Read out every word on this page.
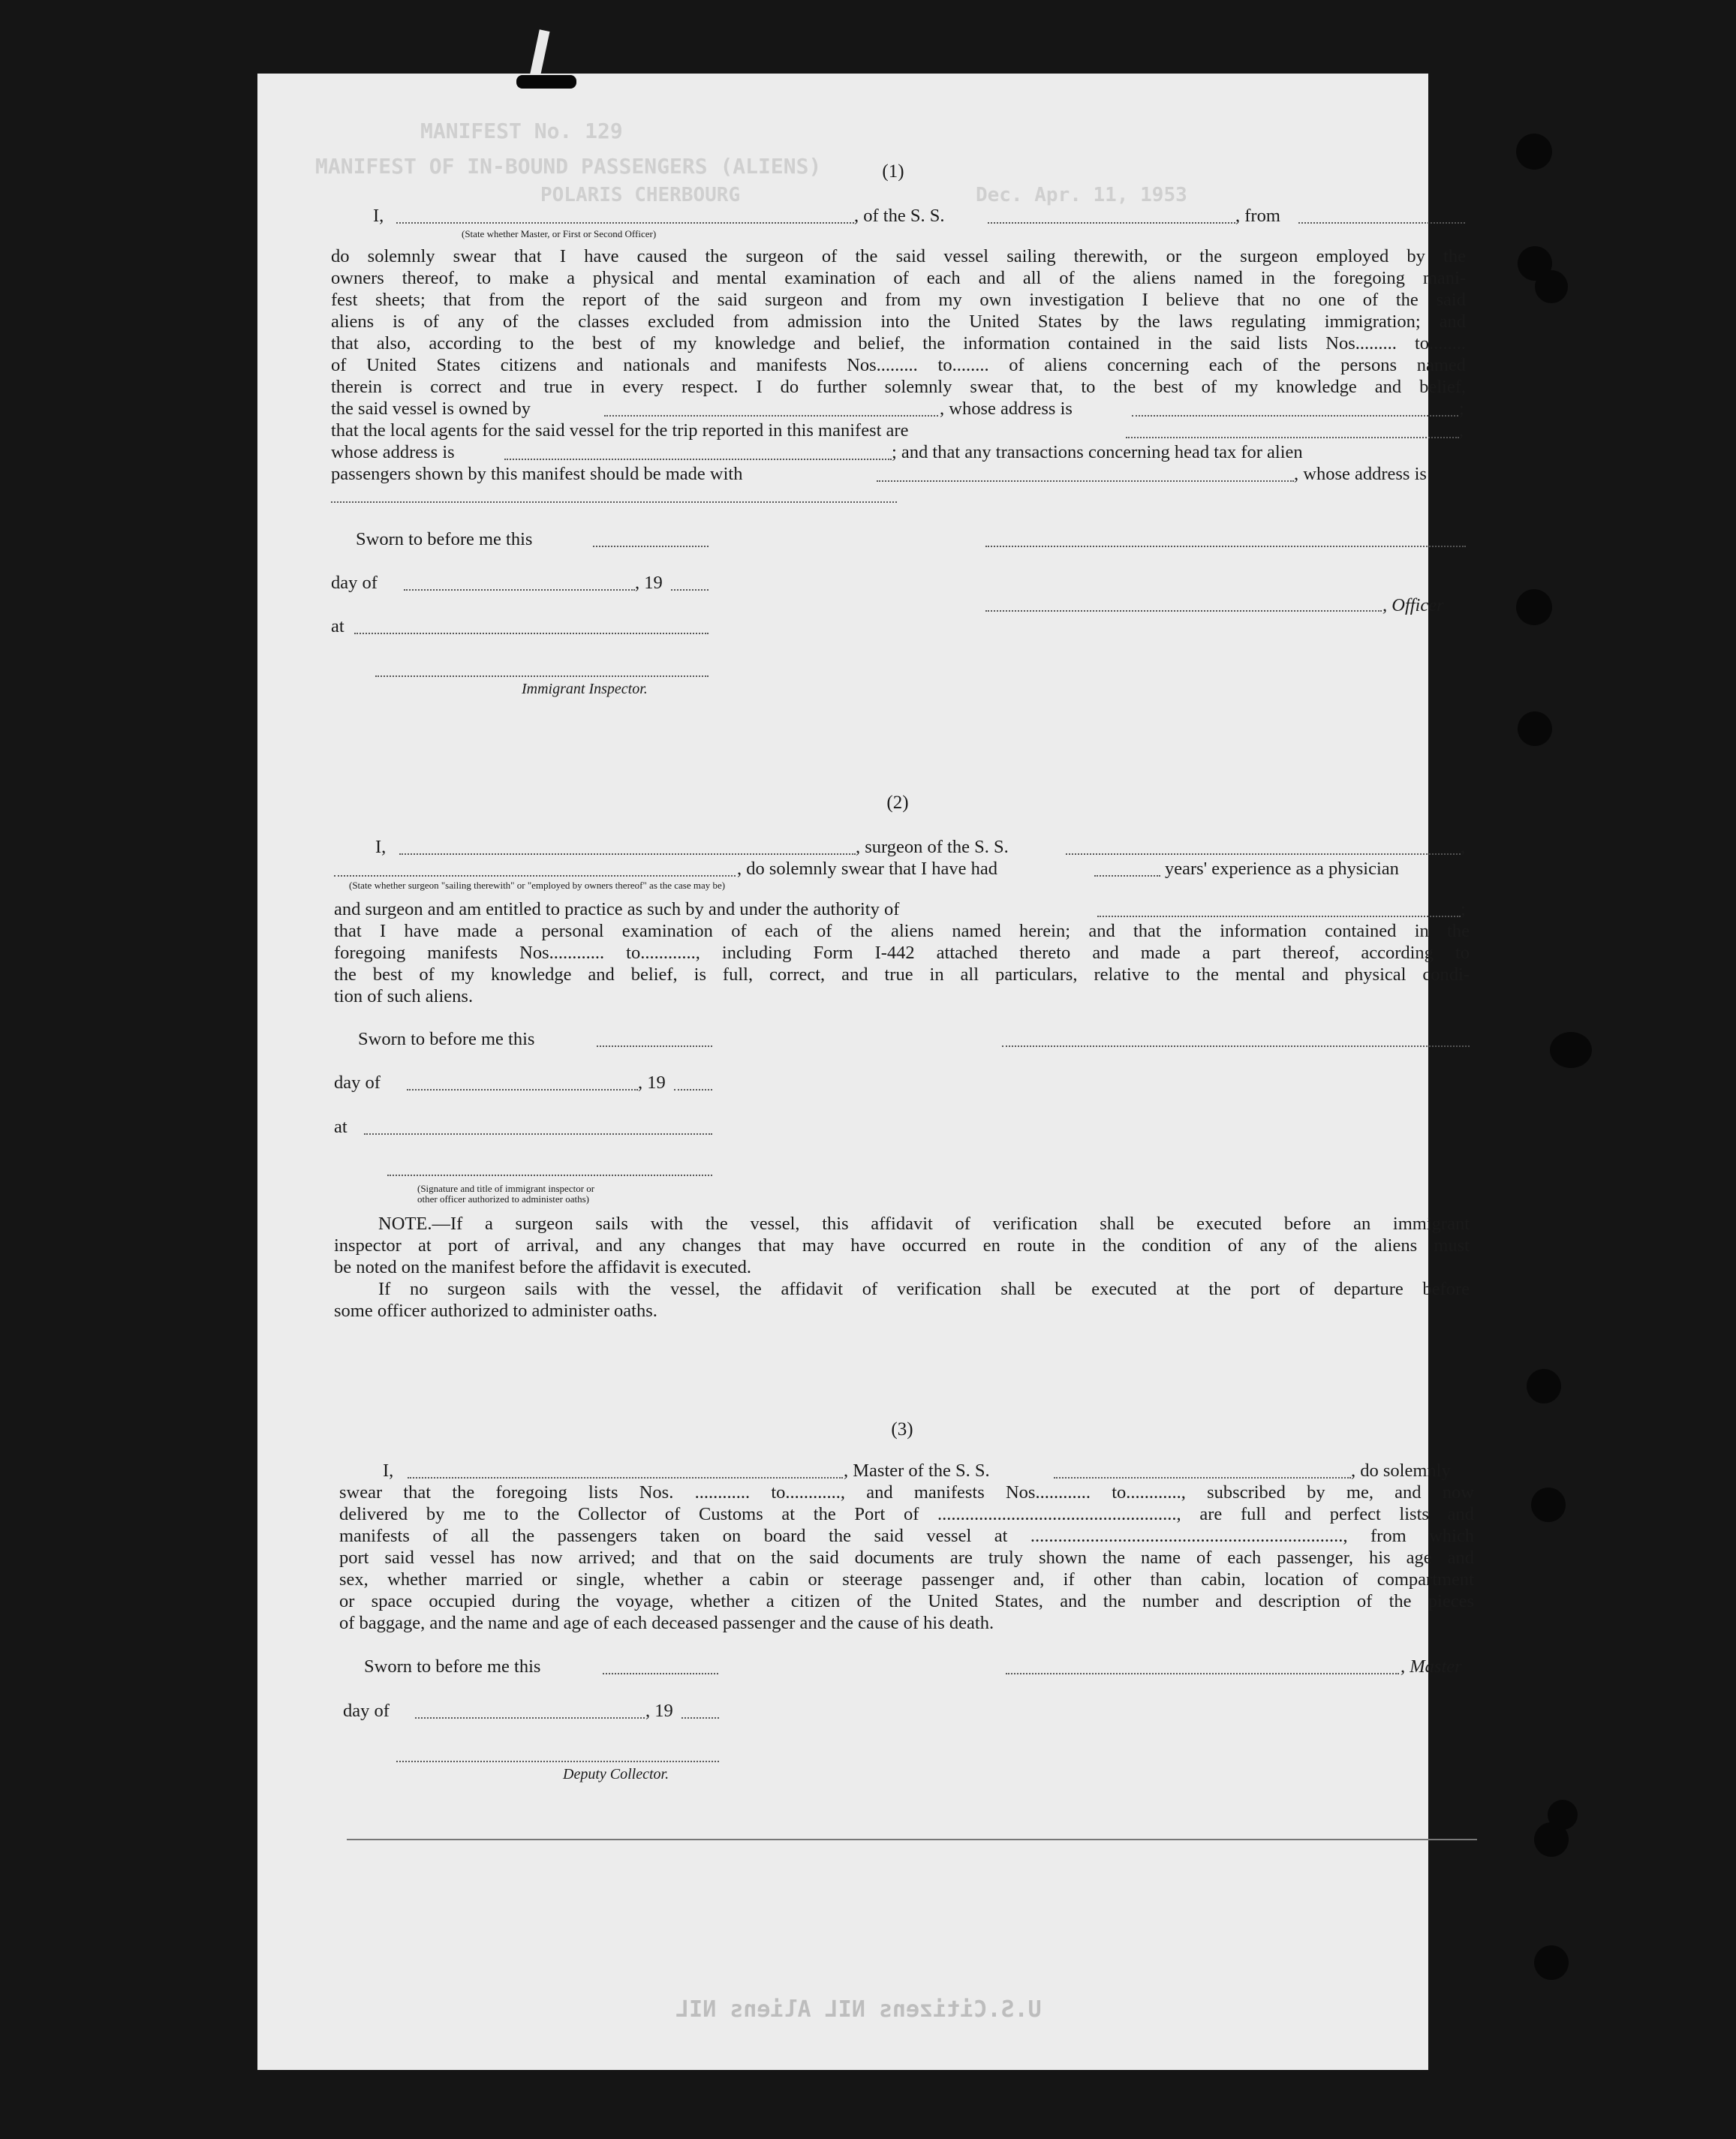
MANIFEST No. 129
MANIFEST OF IN-BOUND PASSENGERS (ALIENS)
POLARIS CHERBOURG	Dec. Apr. 11, 1953
U.S.Citizens NIL Aliens NIL
(1)
I,	, of the S. S.	, from
(State whether Master, or First or Second Officer)
do solemnly swear that I have caused the surgeon of the said vessel sailing therewith, or the surgeon employed by the
owners thereof, to make a physical and mental examination of each and all of the aliens named in the foregoing mani-
fest sheets; that from the report of the said surgeon and from my own investigation I believe that no one of the said
aliens is of any of the classes excluded from admission into the United States by the laws regulating immigration; and
that also, according to the best of my knowledge and belief, the information contained in the said lists Nos......... to........
of United States citizens and nationals and manifests Nos......... to........ of aliens concerning each of the persons named
therein is correct and true in every respect. I do further solemnly swear that, to the best of my knowledge and belief,
the said vessel is owned by	, whose address is	;
that the local agents for the said vessel for the trip reported in this manifest are	,
whose address is	; and that any transactions concerning head tax for alien
passengers shown by this manifest should be made with	, whose address is
Sworn to before me this
day of	, 19
, Officer
at
Immigrant Inspector.
(2)
I,	, surgeon of the S. S.	,
, do solemnly swear that I have had	years' experience as a physician
(State whether surgeon "sailing therewith" or "employed by owners thereof" as the case may be)
and surgeon and am entitled to practice as such by and under the authority of	;
that I have made a personal examination of each of the aliens named herein; and that the information contained in the
foregoing manifests Nos............ to............, including Form I-442 attached thereto and made a part thereof, according to
the best of my knowledge and belief, is full, correct, and true in all particulars, relative to the mental and physical condi-
tion of such aliens.
Sworn to before me this
day of	, 19
at
(Signature and title of immigrant inspector or
other officer authorized to administer oaths)
NOTE.—If a surgeon sails with the vessel, this affidavit of verification shall be executed before an immigrant
inspector at port of arrival, and any changes that may have occurred en route in the condition of any of the aliens must
be noted on the manifest before the affidavit is executed.
If no surgeon sails with the vessel, the affidavit of verification shall be executed at the port of departure before
some officer authorized to administer oaths.
(3)
I,	, Master of the S. S.	, do solemnly
swear that the foregoing lists Nos. ............ to............, and manifests Nos............ to............, subscribed by me, and now
delivered by me to the Collector of Customs at the Port of ...................................................., are full and perfect lists and
manifests of all the passengers taken on board the said vessel at ...................................................................., from which
port said vessel has now arrived; and that on the said documents are truly shown the name of each passenger, his age and
sex, whether married or single, whether a cabin or steerage passenger and, if other than cabin, location of compartment
or space occupied during the voyage, whether a citizen of the United States, and the number and description of the pieces
of baggage, and the name and age of each deceased passenger and the cause of his death.
Sworn to before me this	, Master
day of	, 19
Deputy Collector.
